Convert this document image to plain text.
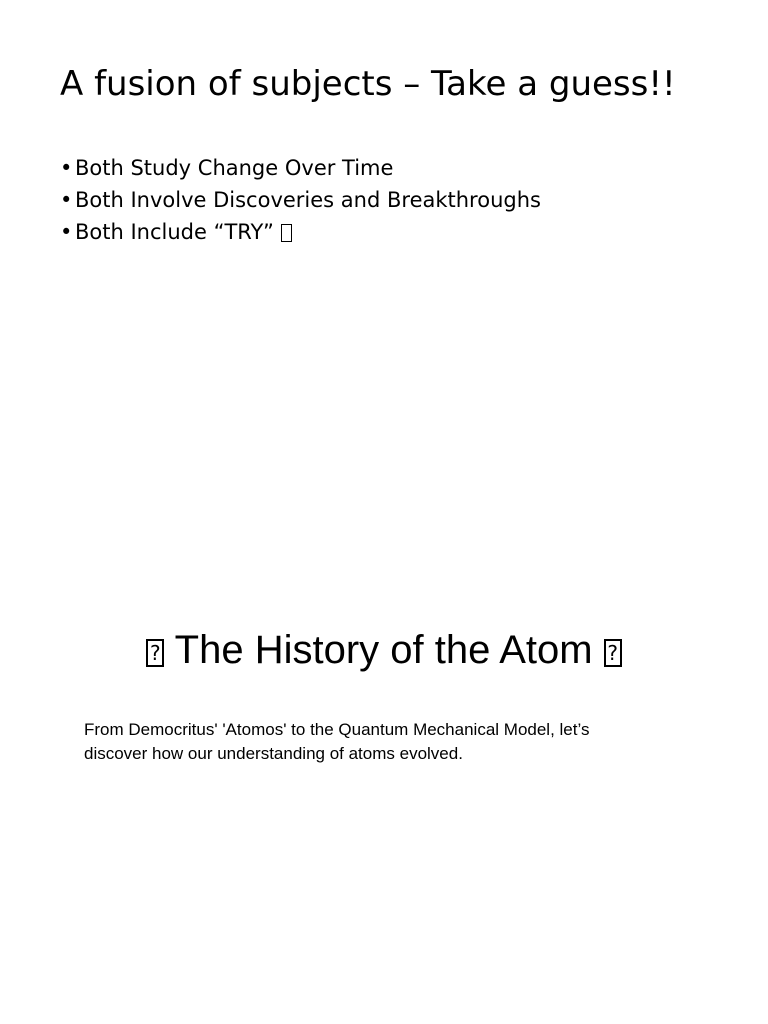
A fusion of subjects – Take a guess!!
• Both Study Change Over Time
• Both Involve Discoveries and Breakthroughs
• Both Include “TRY”
? The History of the Atom ?
From Democritus' 'Atomos' to the Quantum Mechanical Model, let’s discover how our understanding of atoms evolved.
